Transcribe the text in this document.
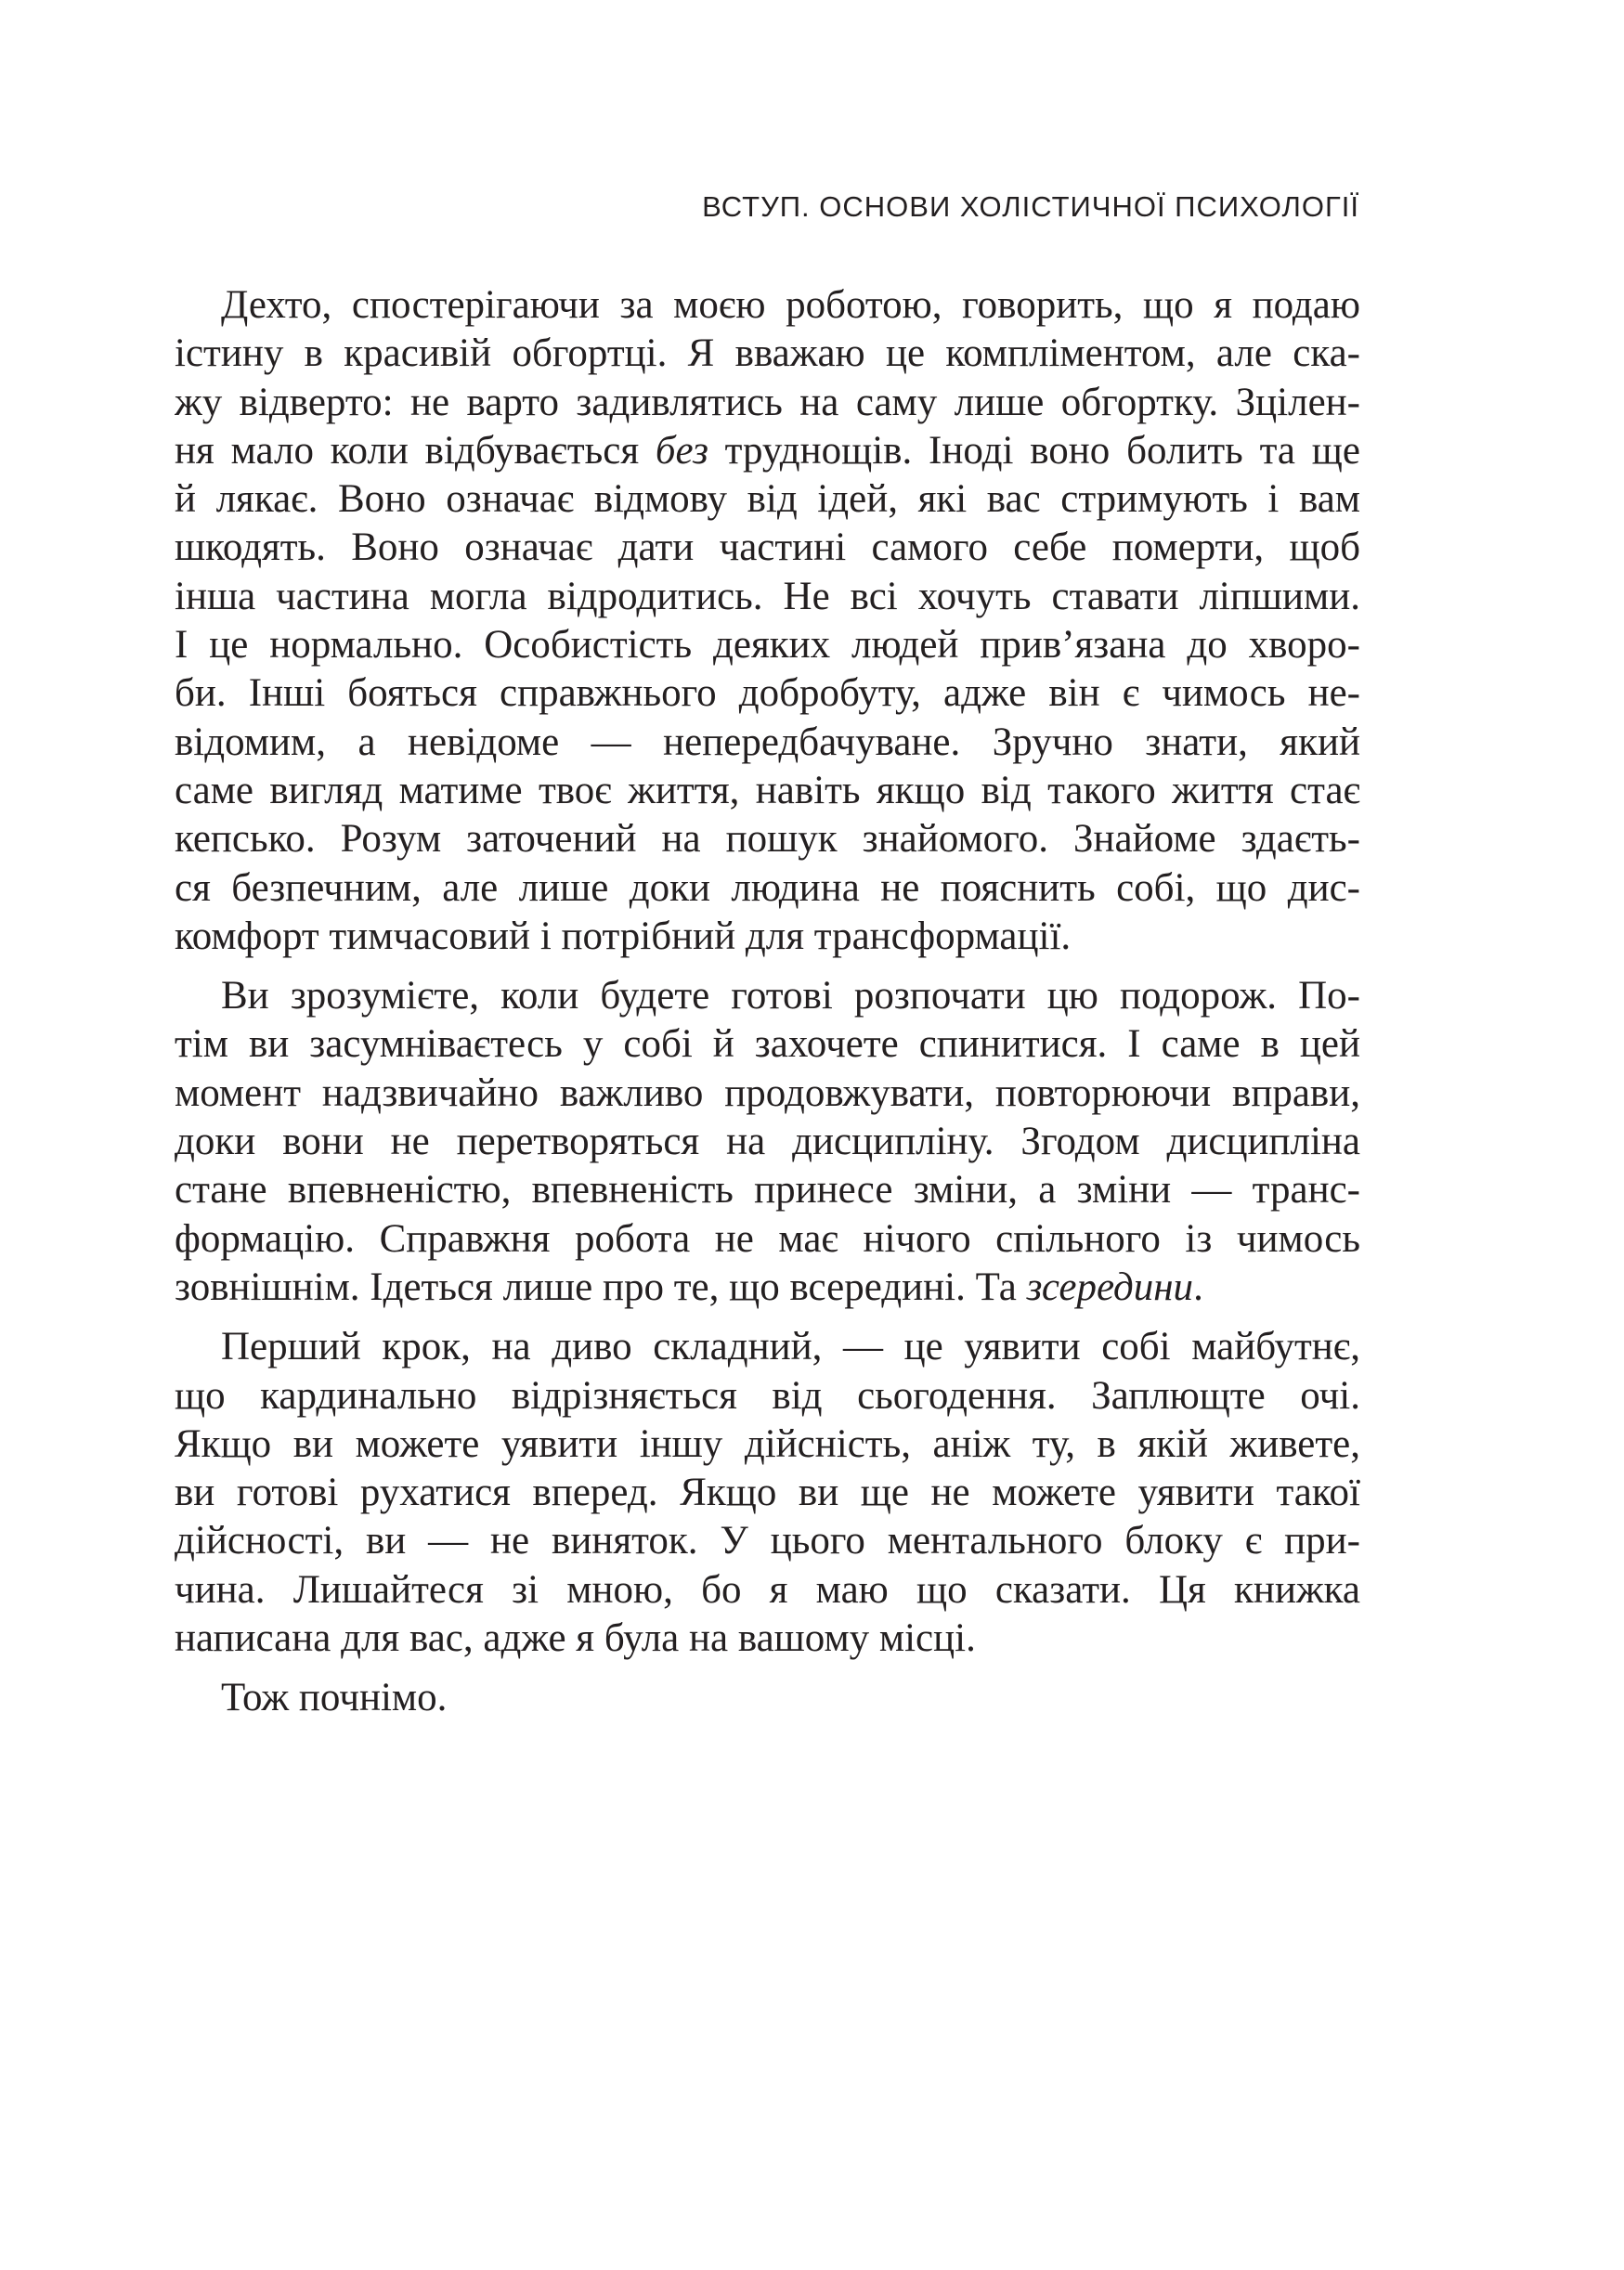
ВСТУП. ОСНОВИ ХОЛІСТИЧНОЇ ПСИХОЛОГІЇ
Дехто, спостерігаючи за моєю роботою, говорить, що я подаю
істину в красивій обгортці. Я вважаю це компліментом, але ска-
жу відверто: не варто задивлятись на саму лише обгортку. Зцілен-
ня мало коли відбувається без труднощів. Іноді воно болить та ще
й лякає. Воно означає відмову від ідей, які вас стримують і вам
шкодять. Воно означає дати частині самого себе померти, щоб
інша частина могла відродитись. Не всі хочуть ставати ліпшими.
І це нормально. Особистість деяких людей прив’язана до хворо-
би. Інші бояться справжнього добробуту, адже він є чимось не-
відомим, а невідоме — непередбачуване. Зручно знати, який
саме вигляд матиме твоє життя, навіть якщо від такого життя стає
кепсько. Розум заточений на пошук знайомого. Знайоме здаєть-
ся безпечним, але лише доки людина не пояснить собі, що дис-
комфорт тимчасовий і потрібний для трансформації.
Ви зрозумієте, коли будете готові розпочати цю подорож. По-
тім ви засумніваєтесь у собі й захочете спинитися. І саме в цей
момент надзвичайно важливо продовжувати, повторюючи вправи,
доки вони не перетворяться на дисципліну. Згодом дисципліна
стане впевненістю, впевненість принесе зміни, а зміни — транс-
формацію. Справжня робота не має нічого спільного із чимось
зовнішнім. Ідеться лише про те, що всередині. Та зсередини.
Перший крок, на диво складний, — це уявити собі майбутнє,
що кардинально відрізняється від сьогодення. Заплющте очі.
Якщо ви можете уявити іншу дійсність, аніж ту, в якій живете,
ви готові рухатися вперед. Якщо ви ще не можете уявити такої
дійсності, ви — не виняток. У цього ментального блоку є при-
чина. Лишайтеся зі мною, бо я маю що сказати. Ця книжка
написана для вас, адже я була на вашому місці.
Тож почнімо.
